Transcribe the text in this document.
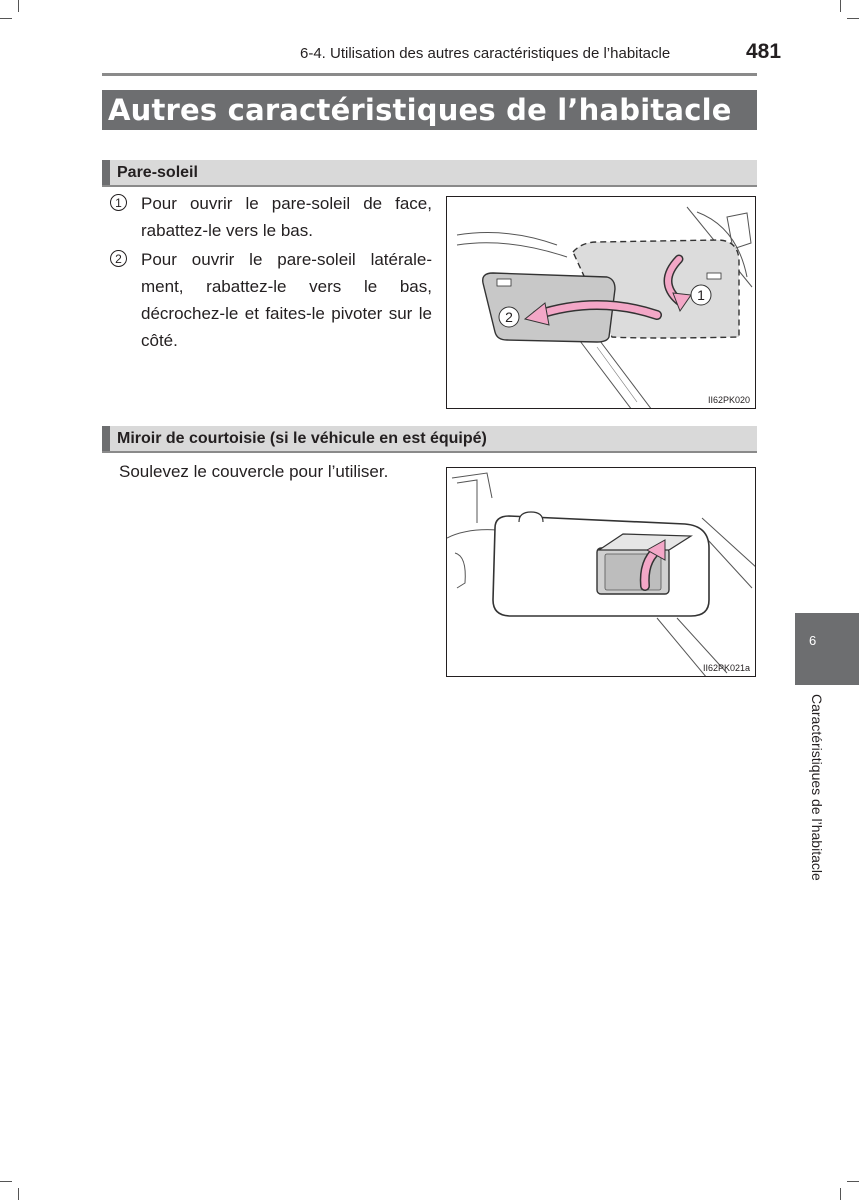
6-4. Utilisation des autres caractéristiques de l’habitacle	481
Autres caractéristiques de l’habitacle
Pare-soleil
1	Pour ouvrir le pare-soleil de face, rabattez-le vers le bas.
2	Pour ouvrir le pare-soleil latérale- ment, rabattez-le vers le bas, décrochez-le et faites-le pivoter sur le côté.
1
2
II62PK020
Miroir de courtoisie (si le véhicule en est équipé)
Soulevez le couvercle pour l’utiliser.
II62PK021a
6
Caractéristiques de l’habitacle
